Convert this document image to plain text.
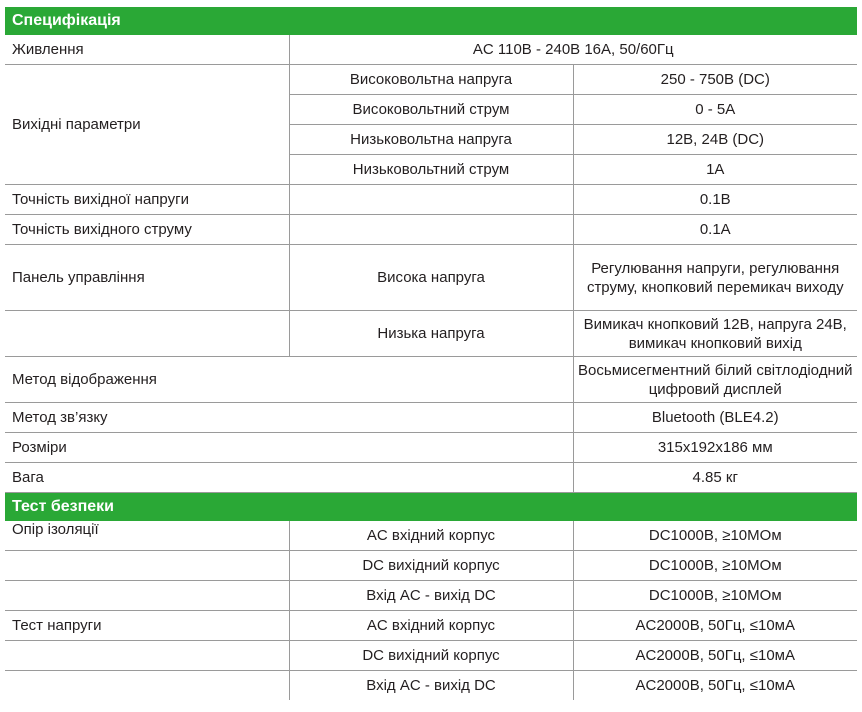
Специфікація
Живлення	AC 110В - 240В 16А, 50/60Гц	
Вихідні параметри	Високовольтна напруга	250 - 750В (DC)
	Високовольтний струм	0 - 5А
	Низьковольтна напруга	12В, 24В (DC)
	Низьковольтний струм	1А
Точність вихідної напруги		0.1В
Точність вихідного струму		0.1А
Панель управління	Висока напруга	Регулювання напруги, регулювання струму, кнопковий перемикач виходу
	Низька напруга	Вимикач кнопковий 12В, напруга 24В, вимикач кнопковий вихід
Метод відображення		Восьмисегментний білий світлодіодний цифровий дисплей
Метод зв’язку		Bluetooth (BLE4.2)
Розміри		315x192x186 мм
Вага		4.85 кг
Тест безпеки
Опір ізоляції	AC вхідний корпус	DC1000В, ≥10МОм
	DC вихідний корпус	DC1000В, ≥10МОм
	Вхід AC - вихід DC	DC1000В, ≥10МОм
Тест напруги	AC вхідний корпус	AC2000В, 50Гц, ≤10мА
	DC вихідний корпус	AC2000В, 50Гц, ≤10мА
	Вхід AC - вихід DC	AC2000В, 50Гц, ≤10мА
